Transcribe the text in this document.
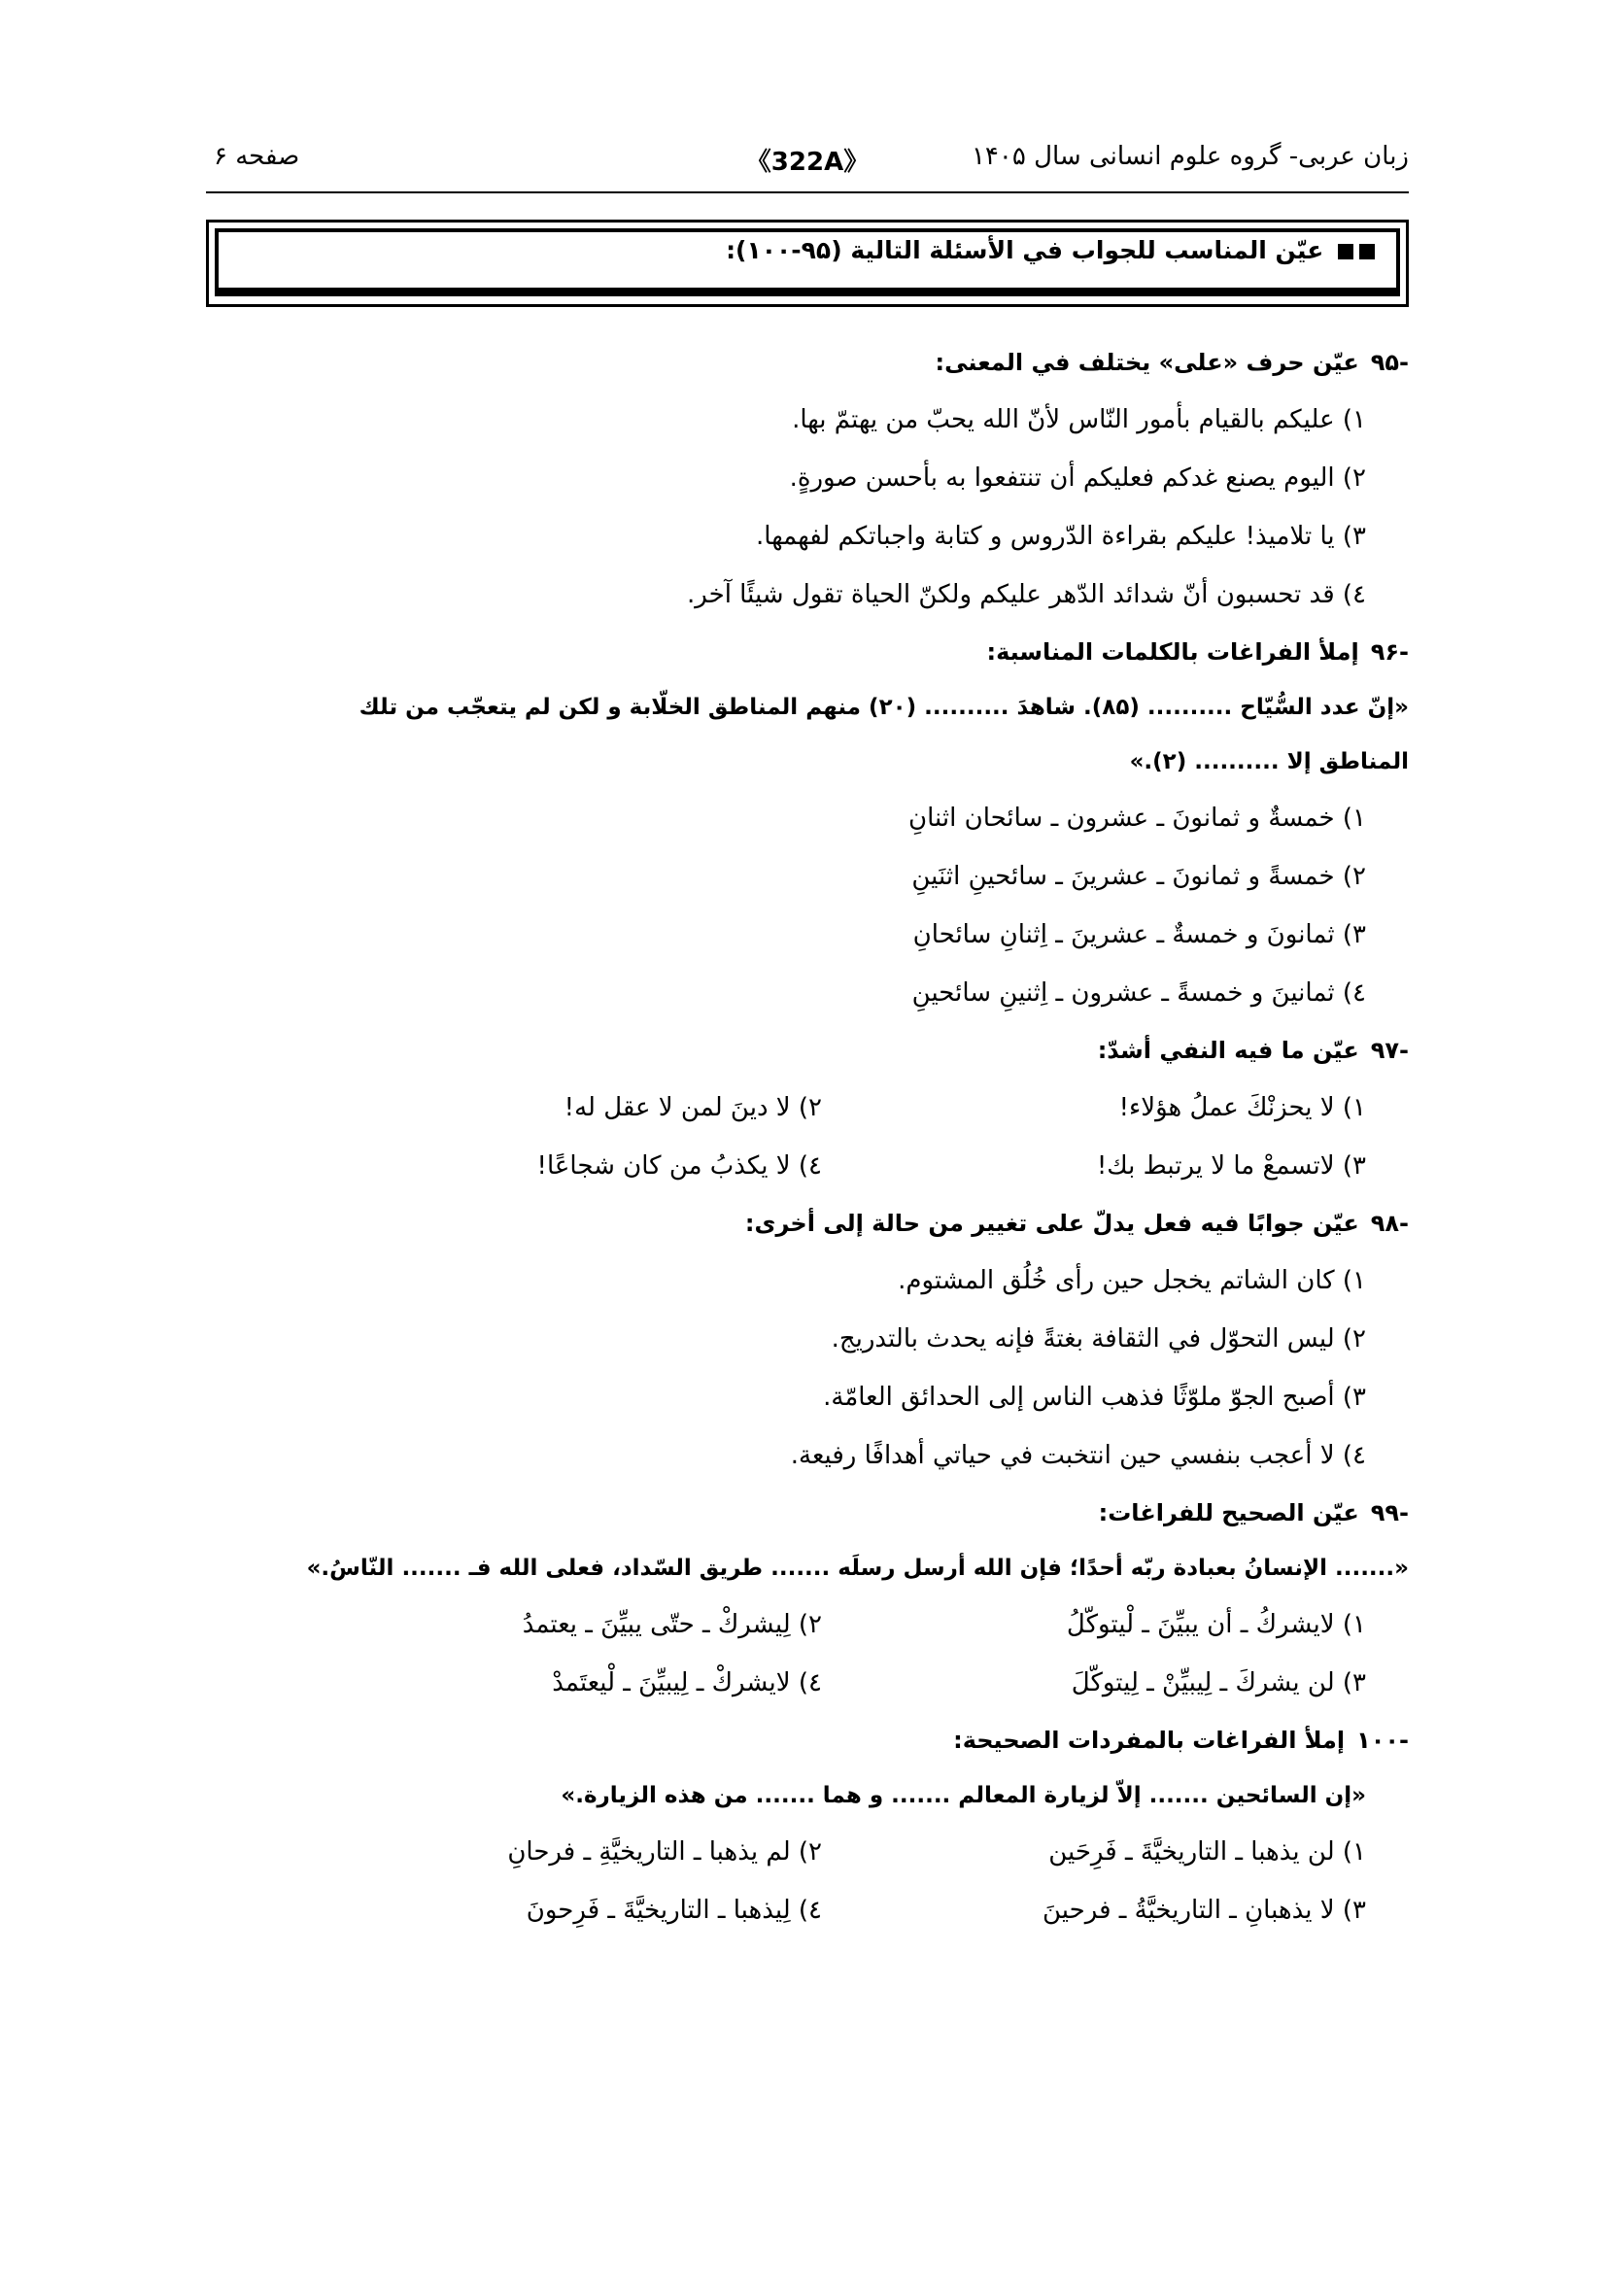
زبان عربی- گروه علوم انسانی سال ۱۴۰۵
《322A》
صفحه ۶
عيّن المناسب للجواب في الأسئلة التالية (۹۵-۱۰۰):
-۹۵عيّن حرف «على» يختلف في المعنى:
۱) عليكم بالقيام بأمور النّاس لأنّ الله يحبّ من يهتمّ بها.
۲) اليوم يصنع غدكم فعليكم أن تنتفعوا به بأحسن صورةٍ.
۳) يا تلاميذ! عليكم بقراءة الدّروس و كتابة واجباتكم لفهمها.
٤) قد تحسبون أنّ شدائد الدّهر عليكم ولكنّ الحياة تقول شيئًا آخر.
-۹۶إملأ الفراغات بالكلمات المناسبة:
«إنّ عدد السُّيّاح .......... (۸۵). شاهدَ .......... (۲۰) منهم المناطق الخلّابة و لكن لم يتعجّب من تلك
المناطق إلا .......... (۲).»
۱) خمسةٌ و ثمانونَ ـ عشرون ـ سائحان اثنانِ
۲) خمسةً و ثمانونَ ـ عشرينَ ـ سائحينِ اثنَينِ
۳) ثمانونَ و خمسةٌ ـ عشرينَ ـ اِثنانِ سائحانِ
٤) ثمانينَ و خمسةً ـ عشرون ـ اِثنينِ سائحينِ
-۹۷عيّن ما فيه النفي أشدّ:
۱) لا يحزنْكَ عملُ هؤلاء!
۲) لا دينَ لمن لا عقل له!
۳) لاتسمعْ ما لا يرتبط بك!
٤) لا يكذبُ من كان شجاعًا!
-۹۸عيّن جوابًا فيه فعل يدلّ على تغيير من حالة إلى أخرى:
۱) كان الشاتم يخجل حين رأى خُلُق المشتوم.
۲) ليس التحوّل في الثقافة بغتةً فإنه يحدث بالتدريج.
۳) أصبح الجوّ ملوّثًا فذهب الناس إلى الحدائق العامّة.
٤) لا أعجب بنفسي حين انتخبت في حياتي أهدافًا رفيعة.
-۹۹عيّن الصحيح للفراغات:
«....... الإنسانُ بعبادة ربّه أحدًا؛ فإن الله أرسل رسلَه ....... طريق السّداد، فعلى الله فـ ....... النّاسُ.»
۱) لايشركُ ـ أن يبيِّنَ ـ لْيتوكّلُ
۲) لِيشركْ ـ حتّى يبيِّنَ ـ يعتمدُ
۳) لن يشركَ ـ لِيبيِّنْ ـ لِيتوكّلَ
٤) لايشركْ ـ لِيبيِّنَ ـ لْيعتَمدْ
-۱۰۰إملأ الفراغات بالمفردات الصحيحة:
«إن السائحين ....... إلاّ لزيارة المعالم ....... و هما ....... من هذه الزيارة.»
۱) لن يذهبا ـ التاريخيَّةَ ـ فَرِحَين
۲) لم يذهبا ـ التاريخيَّةِ ـ فرحانِ
۳) لا يذهبانِ ـ التاريخيَّةُ ـ فرحينَ
٤) لِيذهبا ـ التاريخيَّةَ ـ فَرِحونَ
